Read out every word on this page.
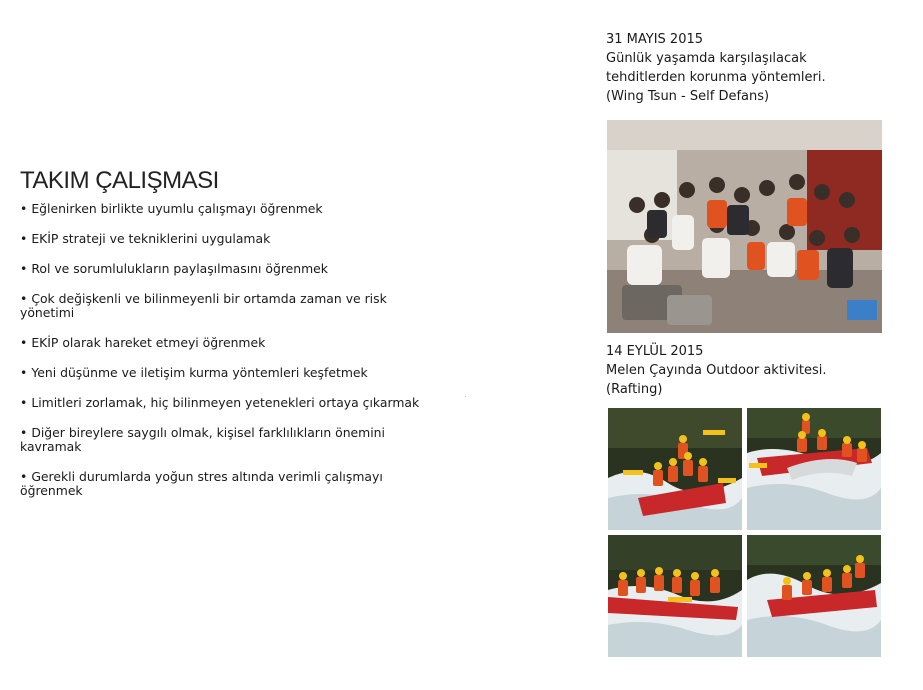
TAKIM ÇALIŞMASI
• Eğlenirken birlikte uyumlu çalışmayı öğrenmek
• EKİP strateji ve tekniklerini uygulamak
• Rol ve sorumlulukların paylaşılmasını öğrenmek
• Çok değişkenli ve bilinmeyenli bir ortamda zaman ve risk yönetimi
• EKİP olarak hareket etmeyi öğrenmek
• Yeni düşünme ve iletişim kurma yöntemleri keşfetmek
• Limitleri zorlamak, hiç bilinmeyen yetenekleri ortaya çıkarmak
• Diğer bireylere saygılı olmak, kişisel farklılıkların önemini kavramak
• Gerekli durumlarda yoğun stres altında verimli çalışmayı öğrenmek
31 MAYIS 2015
Günlük yaşamda karşılaşılacak
tehditlerden korunma yöntemleri.
(Wing Tsun - Self Defans)
14 EYLÜL 2015
Melen Çayında Outdoor aktivitesi.
(Rafting)
